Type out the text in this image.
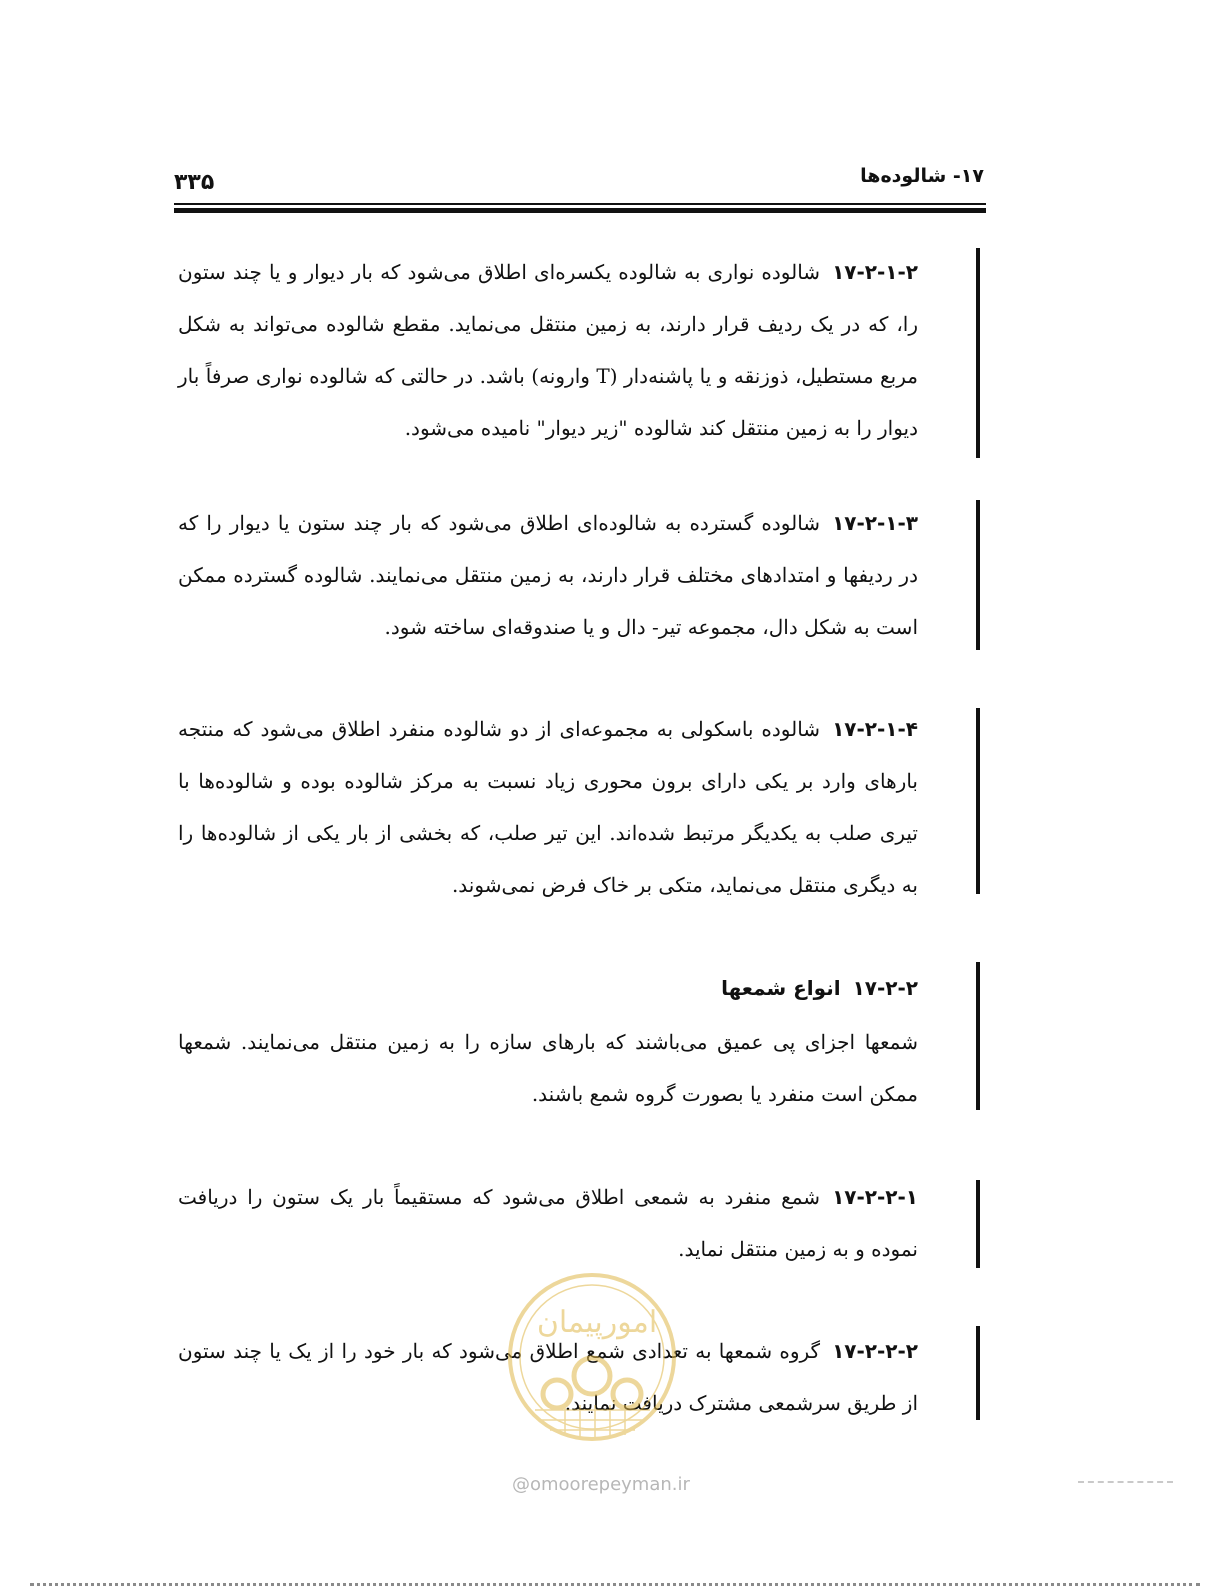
۱۷- شالوده‌ها
۳۳۵

۱۷-۲-۱-۲شالوده نواری به شالوده یکسره‌ای اطلاق می‌شود که بار دیوار و یا چند ستون را، که در یک ردیف قرار دارند، به زمین منتقل می‌نماید. مقطع شالوده می‌تواند به شکل مربع مستطیل، ذوزنقه و یا پاشنه‌دار (T وارونه) باشد. در حالتی که شالوده نواری صرفاً بار دیوار را به زمین منتقل کند شالوده "زیر دیوار" نامیده می‌شود.

۱۷-۲-۱-۳شالوده گسترده به شالوده‌ای اطلاق می‌شود که بار چند ستون یا دیوار را که در ردیفها و امتدادهای مختلف قرار دارند، به زمین منتقل می‌نمایند. شالوده گسترده ممکن است به شکل دال، مجموعه تیر- دال و یا صندوقه‌ای ساخته شود.

۱۷-۲-۱-۴شالوده باسکولی به مجموعه‌ای از دو شالوده منفرد اطلاق می‌شود که منتجه بارهای وارد بر یکی دارای برون محوری زیاد نسبت به مرکز شالوده بوده و شالوده‌ها با تیری صلب به یکدیگر مرتبط شده‌اند. این تیر صلب، که بخشی از بار یکی از شالوده‌ها را به دیگری منتقل می‌نماید، متکی بر خاک فرض نمی‌شوند.

۱۷-۲-۲انواع شمعها

شمعها اجزای پی عمیق می‌باشند که بارهای سازه را به زمین منتقل می‌نمایند. شمعها ممکن است منفرد یا بصورت گروه شمع باشند.

۱۷-۲-۲-۱شمع منفرد به شمعی اطلاق می‌شود که مستقیماً بار یک ستون را دریافت نموده و به زمین منتقل نماید.

۱۷-۲-۲-۲گروه شمعها به تعدادی شمع اطلاق می‌شود که بار خود را از یک یا چند ستون از طریق سرشمعی مشترک دریافت نمایند.

امورپیمان
@omoorepeyman.ir
